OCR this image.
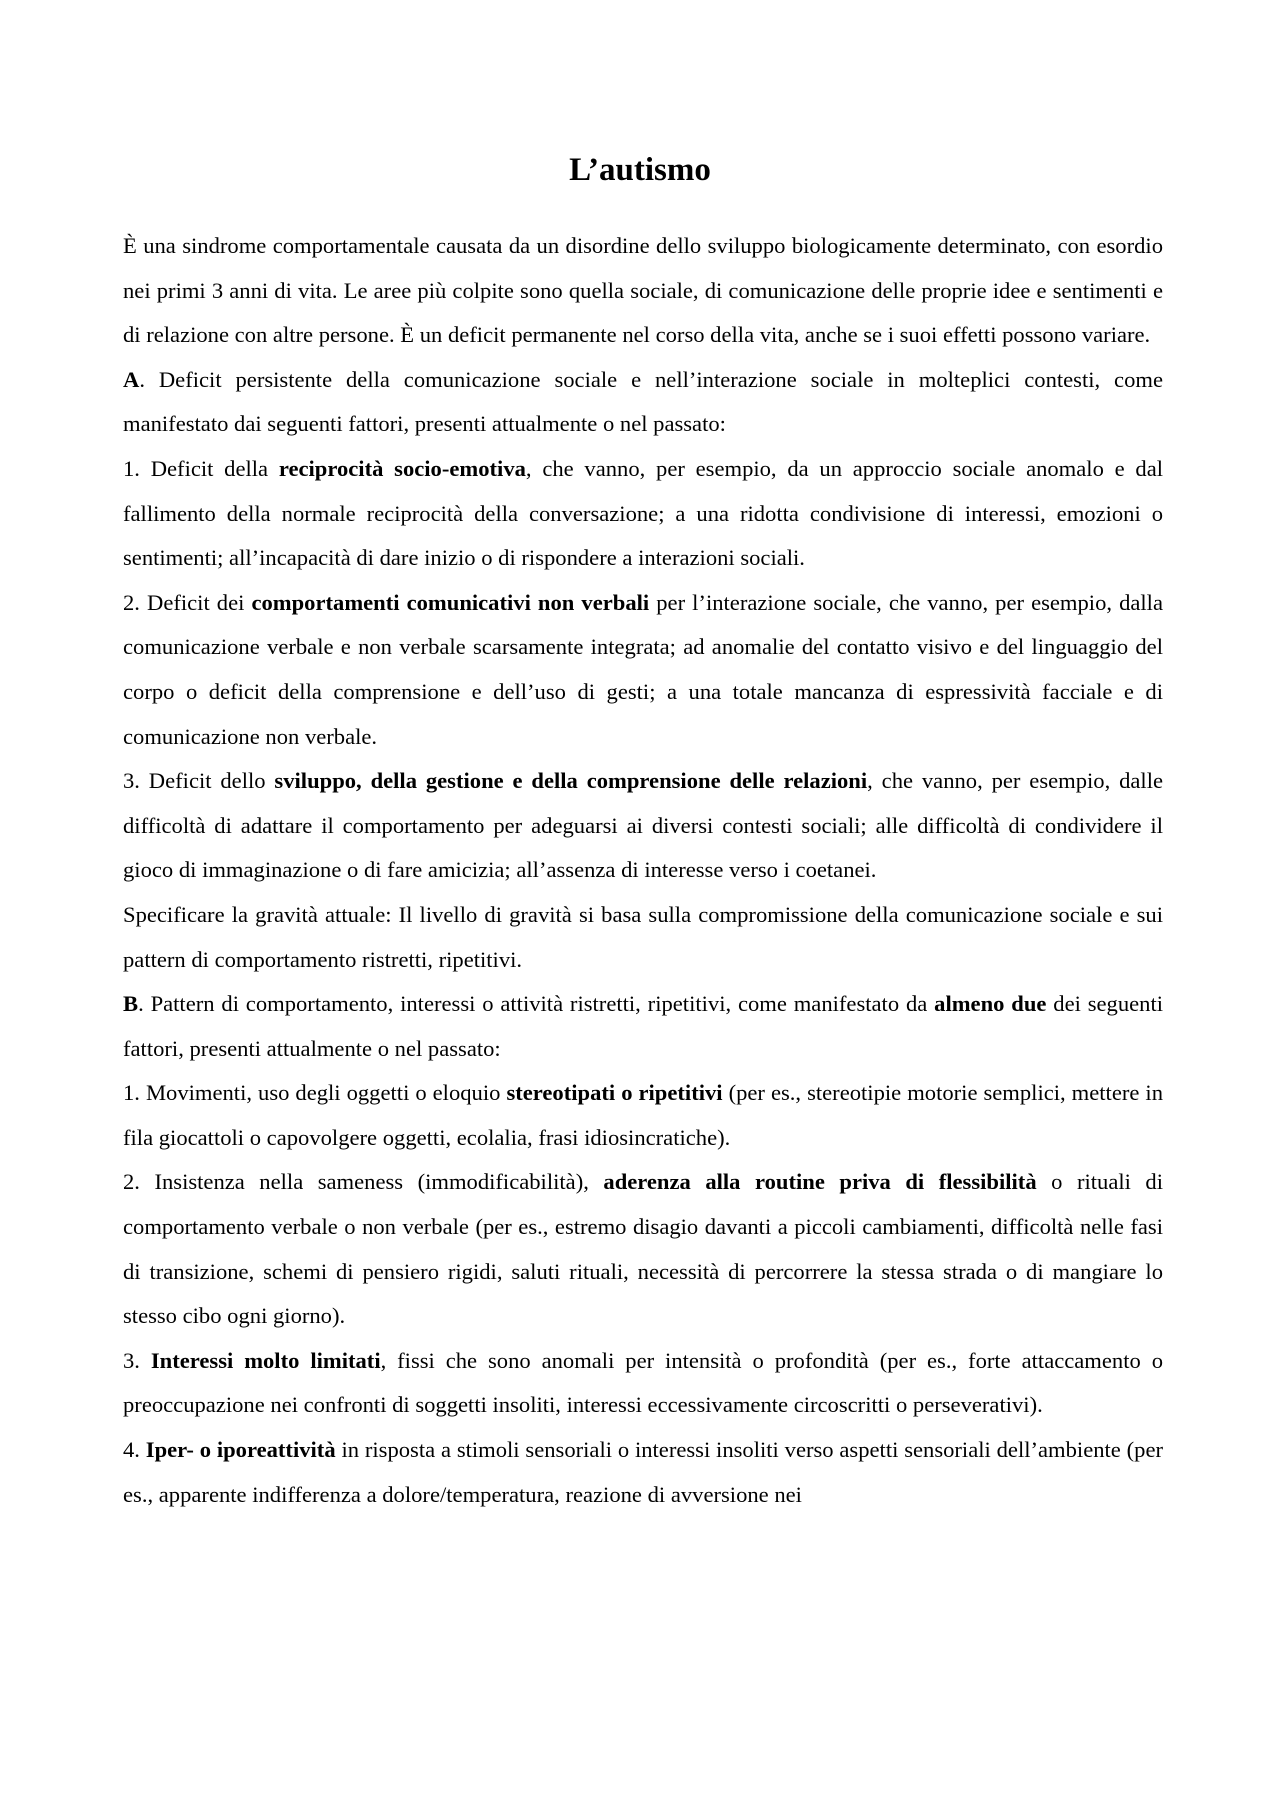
L’autismo

È una sindrome comportamentale causata da un disordine dello sviluppo biologicamente determinato, con esordio nei primi 3 anni di vita. Le aree più colpite sono quella sociale, di comunicazione delle proprie idee e sentimenti e di relazione con altre persone. È un deficit permanente nel corso della vita, anche se i suoi effetti possono variare.

A. Deficit persistente della comunicazione sociale e nell’interazione sociale in molteplici contesti, come manifestato dai seguenti fattori, presenti attualmente o nel passato:

1. Deficit della reciprocità socio-emotiva, che vanno, per esempio, da un approccio sociale anomalo e dal fallimento della normale reciprocità della conversazione; a una ridotta condivisione di interessi, emozioni o sentimenti; all’incapacità di dare inizio o di rispondere a interazioni sociali.

2. Deficit dei comportamenti comunicativi non verbali per l’interazione sociale, che vanno, per esempio, dalla comunicazione verbale e non verbale scarsamente integrata; ad anomalie del contatto visivo e del linguaggio del corpo o deficit della comprensione e dell’uso di gesti; a una totale mancanza di espressività facciale e di comunicazione non verbale.

3. Deficit dello sviluppo, della gestione e della comprensione delle relazioni, che vanno, per esempio, dalle difficoltà di adattare il comportamento per adeguarsi ai diversi contesti sociali; alle difficoltà di condividere il gioco di immaginazione o di fare amicizia; all’assenza di interesse verso i coetanei.

Specificare la gravità attuale: Il livello di gravità si basa sulla compromissione della comunicazione sociale e sui pattern di comportamento ristretti, ripetitivi.

B. Pattern di comportamento, interessi o attività ristretti, ripetitivi, come manifestato da almeno due dei seguenti fattori, presenti attualmente o nel passato:

1. Movimenti, uso degli oggetti o eloquio stereotipati o ripetitivi (per es., stereotipie motorie semplici, mettere in fila giocattoli o capovolgere oggetti, ecolalia, frasi idiosincratiche).

2. Insistenza nella sameness (immodificabilità), aderenza alla routine priva di flessibilità o rituali di comportamento verbale o non verbale (per es., estremo disagio davanti a piccoli cambiamenti, difficoltà nelle fasi di transizione, schemi di pensiero rigidi, saluti rituali, necessità di percorrere la stessa strada o di mangiare lo stesso cibo ogni giorno).

3. Interessi molto limitati, fissi che sono anomali per intensità o profondità (per es., forte attaccamento o preoccupazione nei confronti di soggetti insoliti, interessi eccessivamente circoscritti o perseverativi).

4. Iper- o iporeattività in risposta a stimoli sensoriali o interessi insoliti verso aspetti sensoriali dell’ambiente (per es., apparente indifferenza a dolore/temperatura, reazione di avversione nei
